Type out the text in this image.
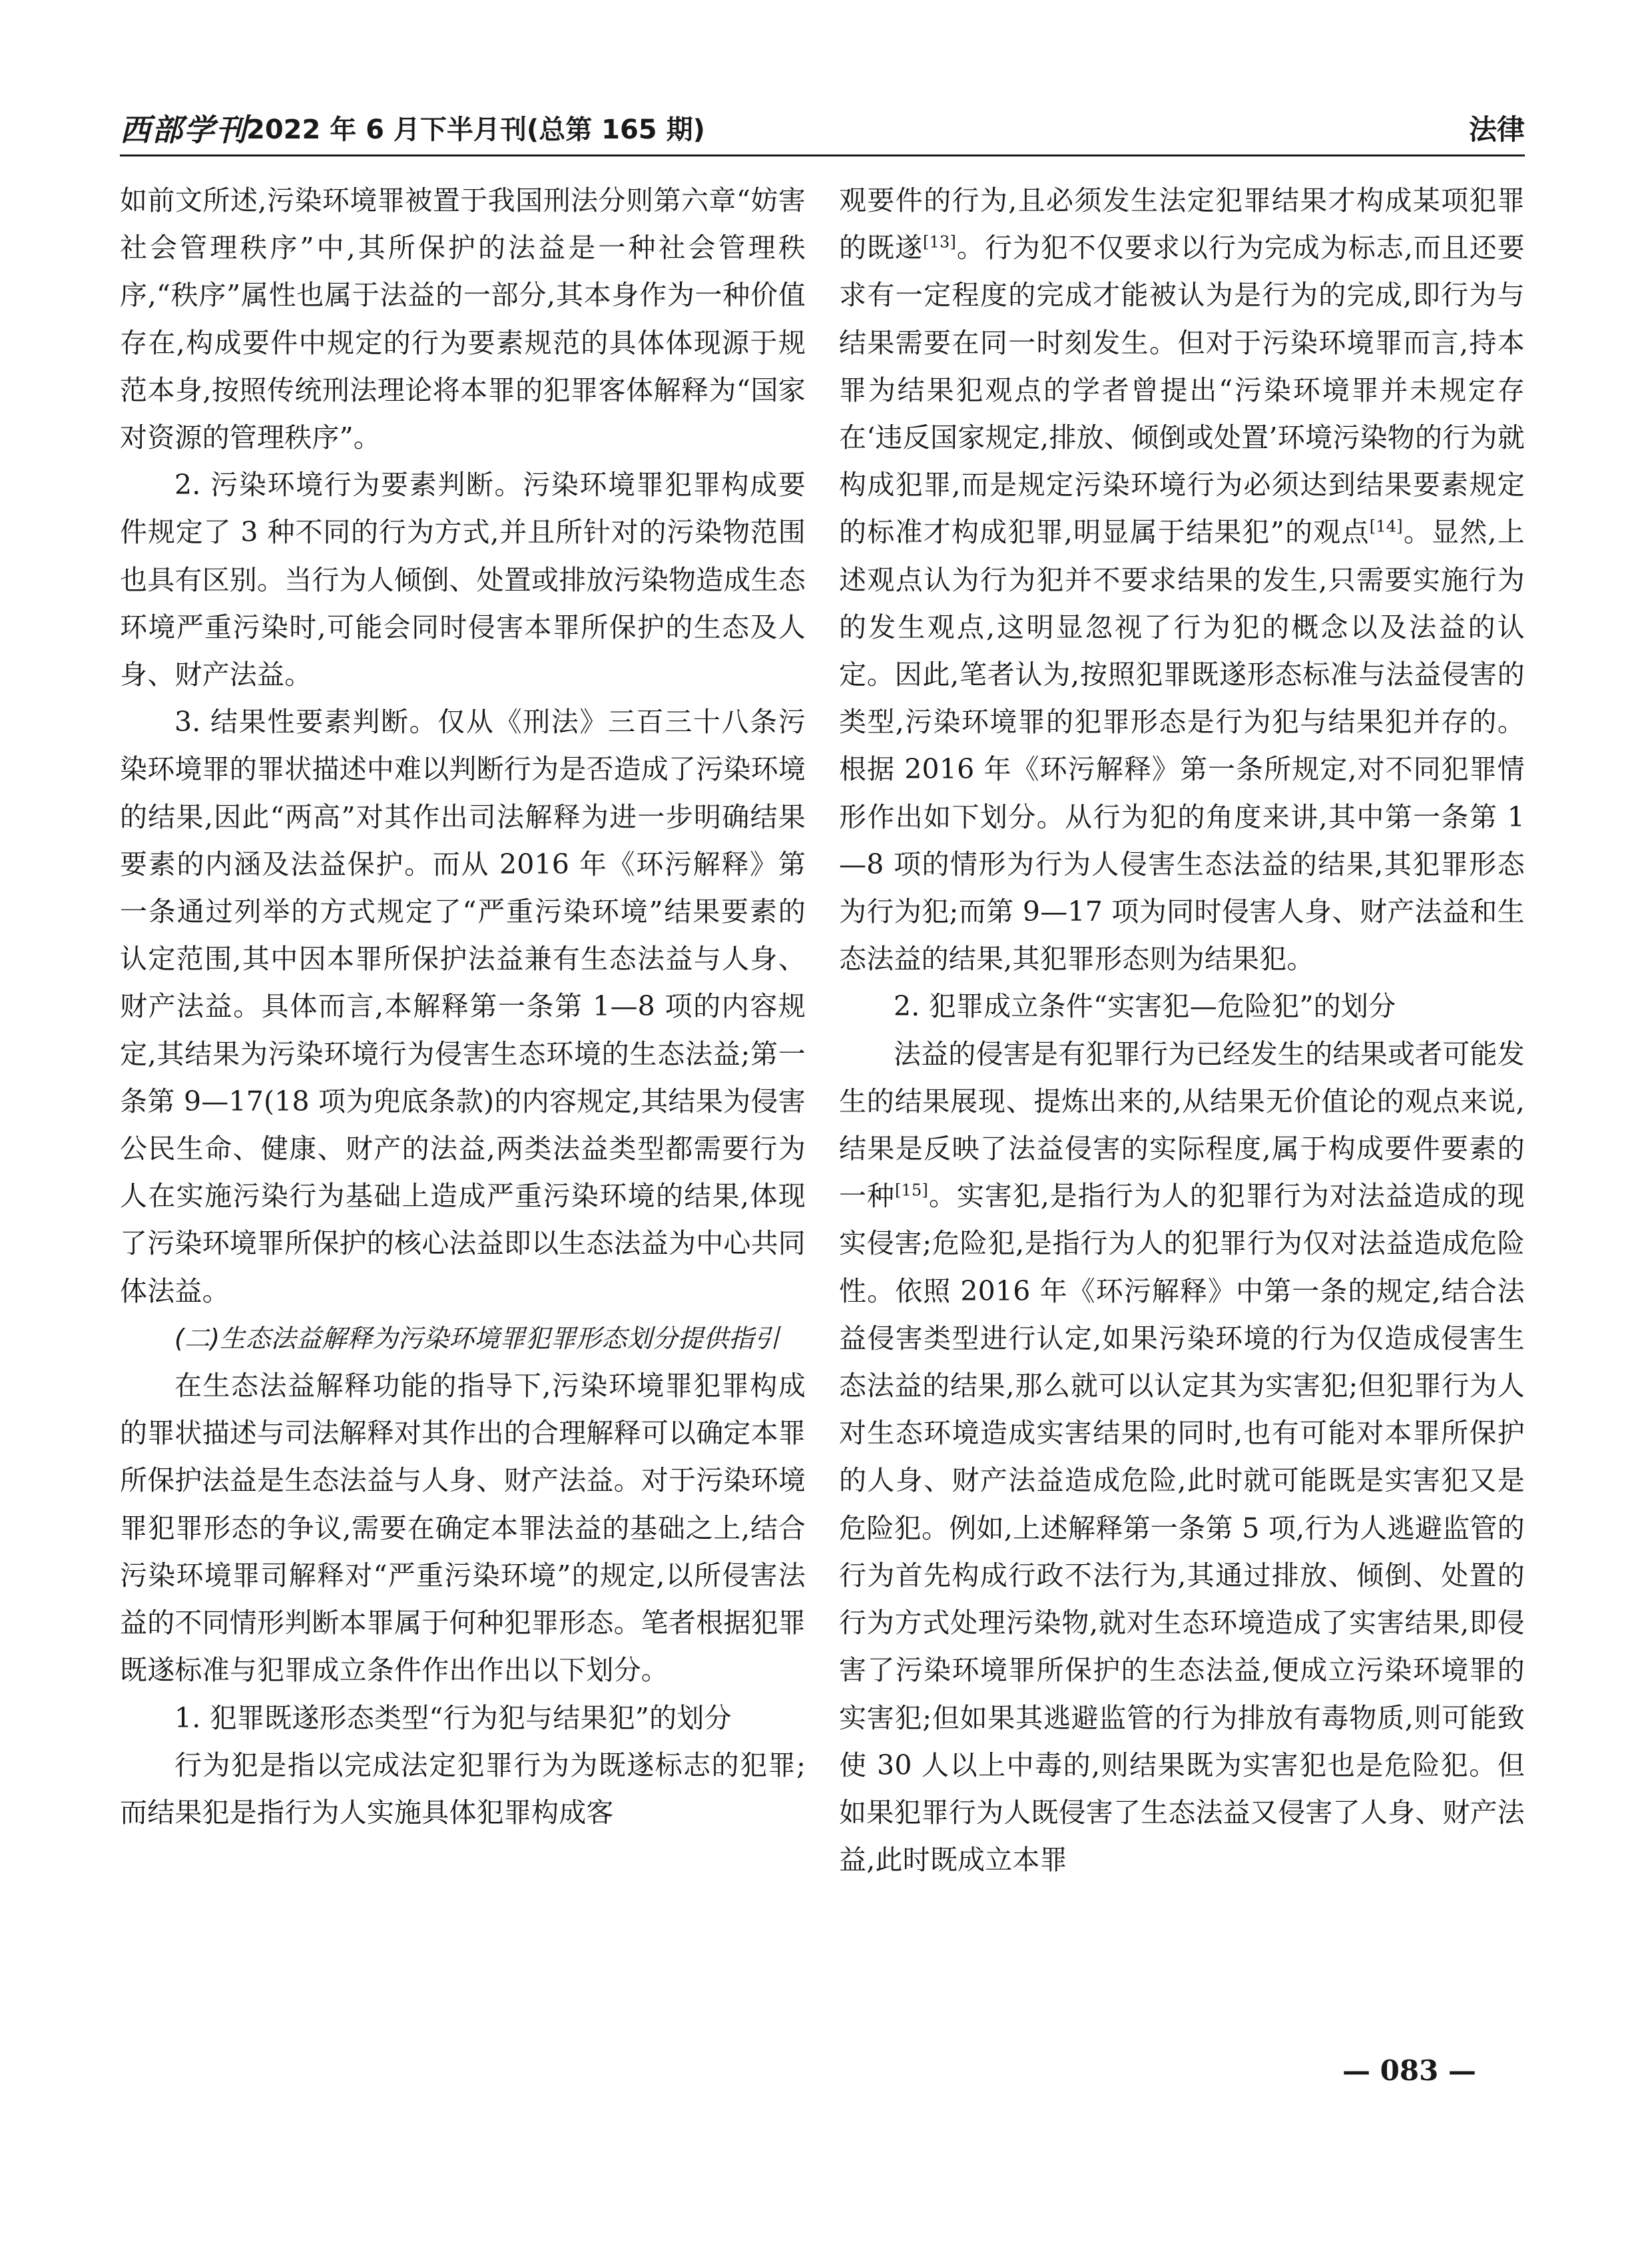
西部学刊
2022 年 6 月下半月刊(总第 165 期)	法律

如前文所述,污染环境罪被置于我国刑法分则第六章“妨害社会管理秩序”中,其所保护的法益是一种社会管理秩序,“秩序”属性也属于法益的一部分,其本身作为一种价值存在,构成要件中规定的行为要素规范的具体体现源于规范本身,按照传统刑法理论将本罪的犯罪客体解释为“国家对资源的管理秩序”。

2. 污染环境行为要素判断。污染环境罪犯罪构成要件规定了 3 种不同的行为方式,并且所针对的污染物范围也具有区别。当行为人倾倒、处置或排放污染物造成生态环境严重污染时,可能会同时侵害本罪所保护的生态及人身、财产法益。

3. 结果性要素判断。仅从《刑法》三百三十八条污染环境罪的罪状描述中难以判断行为是否造成了污染环境的结果,因此“两高”对其作出司法解释为进一步明确结果要素的内涵及法益保护。而从 2016 年《环污解释》第一条通过列举的方式规定了“严重污染环境”结果要素的认定范围,其中因本罪所保护法益兼有生态法益与人身、财产法益。具体而言,本解释第一条第 1—8 项的内容规定,其结果为污染环境行为侵害生态环境的生态法益;第一条第 9—17(18 项为兜底条款)的内容规定,其结果为侵害公民生命、健康、财产的法益,两类法益类型都需要行为人在实施污染行为基础上造成严重污染环境的结果,体现了污染环境罪所保护的核心法益即以生态法益为中心共同体法益。

(二)生态法益解释为污染环境罪犯罪形态划分提供指引

在生态法益解释功能的指导下,污染环境罪犯罪构成的罪状描述与司法解释对其作出的合理解释可以确定本罪所保护法益是生态法益与人身、财产法益。对于污染环境罪犯罪形态的争议,需要在确定本罪法益的基础之上,结合污染环境罪司解释对“严重污染环境”的规定,以所侵害法益的不同情形判断本罪属于何种犯罪形态。笔者根据犯罪既遂标准与犯罪成立条件作出作出以下划分。

1. 犯罪既遂形态类型“行为犯与结果犯”的划分

行为犯是指以完成法定犯罪行为为既遂标志的犯罪;而结果犯是指行为人实施具体犯罪构成客

观要件的行为,且必须发生法定犯罪结果才构成某项犯罪的既遂[13]。行为犯不仅要求以行为完成为标志,而且还要求有一定程度的完成才能被认为是行为的完成,即行为与结果需要在同一时刻发生。但对于污染环境罪而言,持本罪为结果犯观点的学者曾提出“污染环境罪并未规定存在‘违反国家规定,排放、倾倒或处置’环境污染物的行为就构成犯罪,而是规定污染环境行为必须达到结果要素规定的标准才构成犯罪,明显属于结果犯”的观点[14]。显然,上述观点认为行为犯并不要求结果的发生,只需要实施行为的发生观点,这明显忽视了行为犯的概念以及法益的认定。因此,笔者认为,按照犯罪既遂形态标准与法益侵害的类型,污染环境罪的犯罪形态是行为犯与结果犯并存的。根据 2016 年《环污解释》第一条所规定,对不同犯罪情形作出如下划分。从行为犯的角度来讲,其中第一条第 1—8 项的情形为行为人侵害生态法益的结果,其犯罪形态为行为犯;而第 9—17 项为同时侵害人身、财产法益和生态法益的结果,其犯罪形态则为结果犯。

2. 犯罪成立条件“实害犯—危险犯”的划分

法益的侵害是有犯罪行为已经发生的结果或者可能发生的结果展现、提炼出来的,从结果无价值论的观点来说,结果是反映了法益侵害的实际程度,属于构成要件要素的一种[15]。实害犯,是指行为人的犯罪行为对法益造成的现实侵害;危险犯,是指行为人的犯罪行为仅对法益造成危险性。依照 2016 年《环污解释》中第一条的规定,结合法益侵害类型进行认定,如果污染环境的行为仅造成侵害生态法益的结果,那么就可以认定其为实害犯;但犯罪行为人对生态环境造成实害结果的同时,也有可能对本罪所保护的人身、财产法益造成危险,此时就可能既是实害犯又是危险犯。例如,上述解释第一条第 5 项,行为人逃避监管的行为首先构成行政不法行为,其通过排放、倾倒、处置的行为方式处理污染物,就对生态环境造成了实害结果,即侵害了污染环境罪所保护的生态法益,便成立污染环境罪的实害犯;但如果其逃避监管的行为排放有毒物质,则可能致使 30 人以上中毒的,则结果既为实害犯也是危险犯。但如果犯罪行为人既侵害了生态法益又侵害了人身、财产法益,此时既成立本罪

— 083 —
